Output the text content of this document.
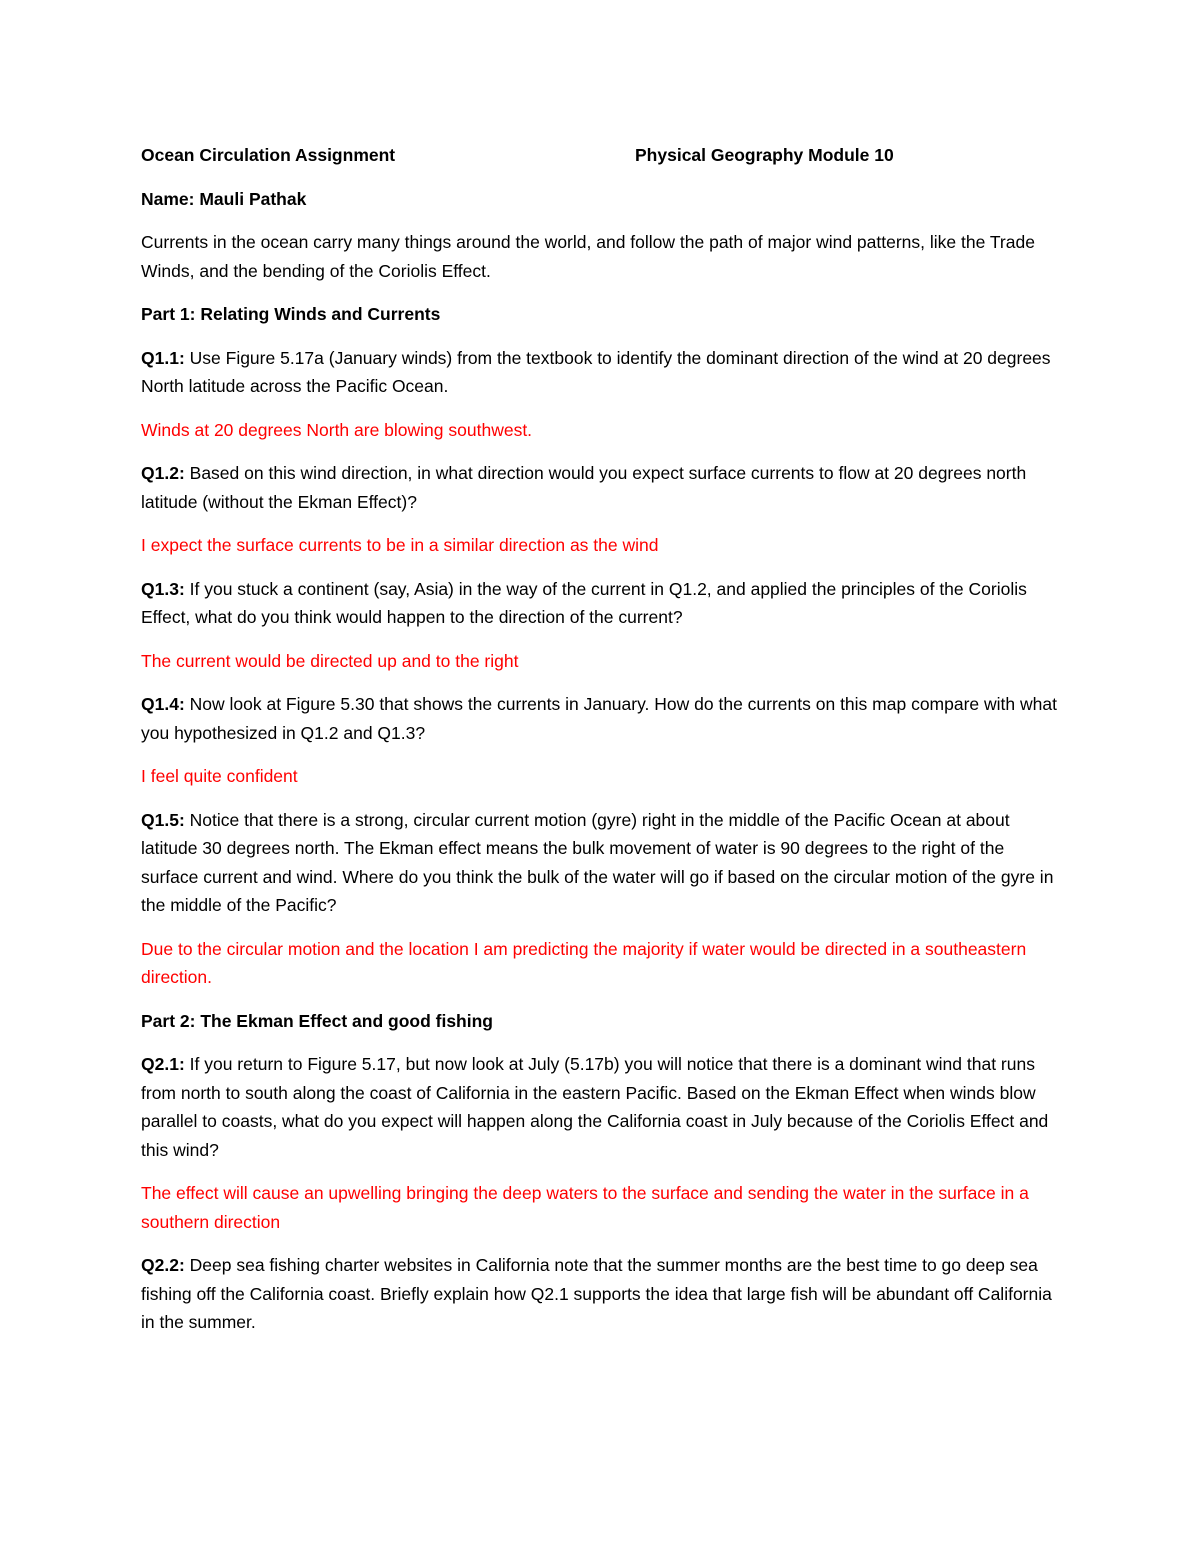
Ocean Circulation Assignment	Physical Geography Module 10

Name: Mauli Pathak

Currents in the ocean carry many things around the world, and follow the path of major wind patterns, like the Trade Winds, and the bending of the Coriolis Effect.

Part 1: Relating Winds and Currents

Q1.1: Use Figure 5.17a (January winds) from the textbook to identify the dominant direction of the wind at 20 degrees North latitude across the Pacific Ocean.

Winds at 20 degrees North are blowing southwest.

Q1.2: Based on this wind direction, in what direction would you expect surface currents to flow at 20 degrees north latitude (without the Ekman Effect)?

I expect the surface currents to be in a similar direction as the wind

Q1.3: If you stuck a continent (say, Asia) in the way of the current in Q1.2, and applied the principles of the Coriolis Effect, what do you think would happen to the direction of the current?

The current would be directed up and to the right

Q1.4: Now look at Figure 5.30 that shows the currents in January. How do the currents on this map compare with what you hypothesized in Q1.2 and Q1.3?

I feel quite confident

Q1.5: Notice that there is a strong, circular current motion (gyre) right in the middle of the Pacific Ocean at about latitude 30 degrees north. The Ekman effect means the bulk movement of water is 90 degrees to the right of the surface current and wind. Where do you think the bulk of the water will go if based on the circular motion of the gyre in the middle of the Pacific?

Due to the circular motion and the location I am predicting the majority if water would be directed in a southeastern direction.

Part 2: The Ekman Effect and good fishing

Q2.1: If you return to Figure 5.17, but now look at July (5.17b) you will notice that there is a dominant wind that runs from north to south along the coast of California in the eastern Pacific. Based on the Ekman Effect when winds blow parallel to coasts, what do you expect will happen along the California coast in July because of the Coriolis Effect and this wind?

The effect will cause an upwelling bringing the deep waters to the surface and sending the water in the surface in a southern direction

Q2.2: Deep sea fishing charter websites in California note that the summer months are the best time to go deep sea fishing off the California coast. Briefly explain how Q2.1 supports the idea that large fish will be abundant off California in the summer.
